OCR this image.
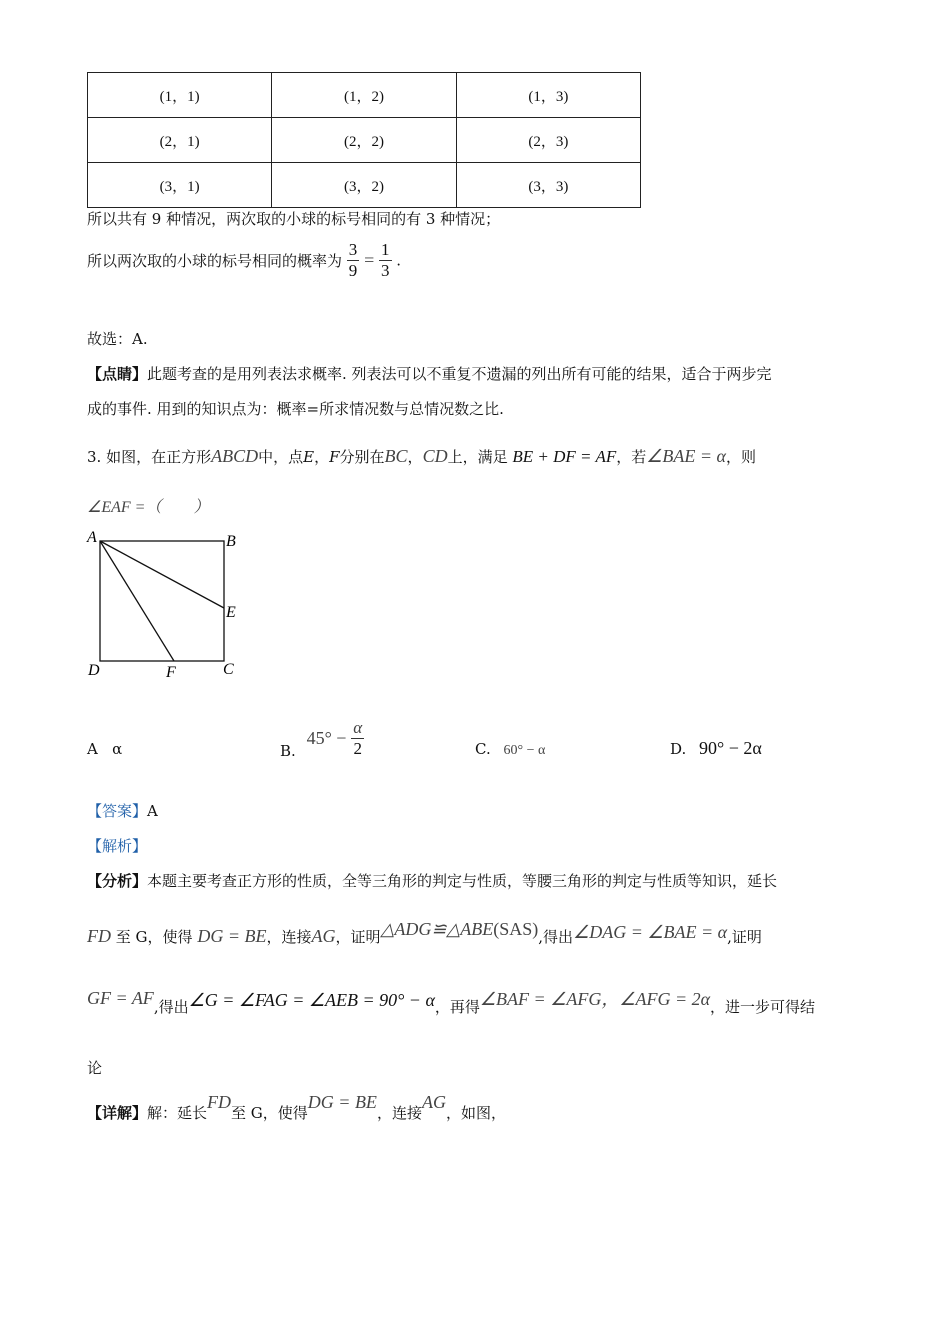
(1，1)	(1，2)	(1，3)
(2，1)	(2，2)	(2，3)
(3，1)	(3，2)	(3，3)
所以共有 9 种情况，两次取的小球的标号相同的有 3 种情况；
所以两次取的小球的标号相同的概率为 $\frac{3}{9} = \frac{1}{3}$ .
故选：A.
【点睛】此题考查的是用列表法求概率. 列表法可以不重复不遗漏的列出所有可能的结果，适合于两步完
成的事件. 用到的知识点为：概率=所求情况数与总情况数之比.
3. 如图，在正方形ABCD中，点E，F分别在BC，CD上，满足 BE + DF = AF，若∠BAE = α，则
∠EAF =（　　）
A	B
E
D	F	C
A α	B. $45^\circ - \frac{\alpha}{2}$	C. 60° − α	D. 90° − 2α
【答案】A
【解析】
【分析】本题主要考查正方形的性质，全等三角形的判定与性质，等腰三角形的判定与性质等知识，延长
FD 至 G，使得 DG = BE，连接AG，证明△ADG≌△ABE(SAS),得出∠DAG = ∠BAE = α,证明
GF = AF,得出∠G = ∠FAG = ∠AEB = 90° − α，再得∠BAF = ∠AFG，∠AFG = 2α，进一步可得结
论
【详解】解：延长FD至 G，使得DG = BE，连接AG，如图，
